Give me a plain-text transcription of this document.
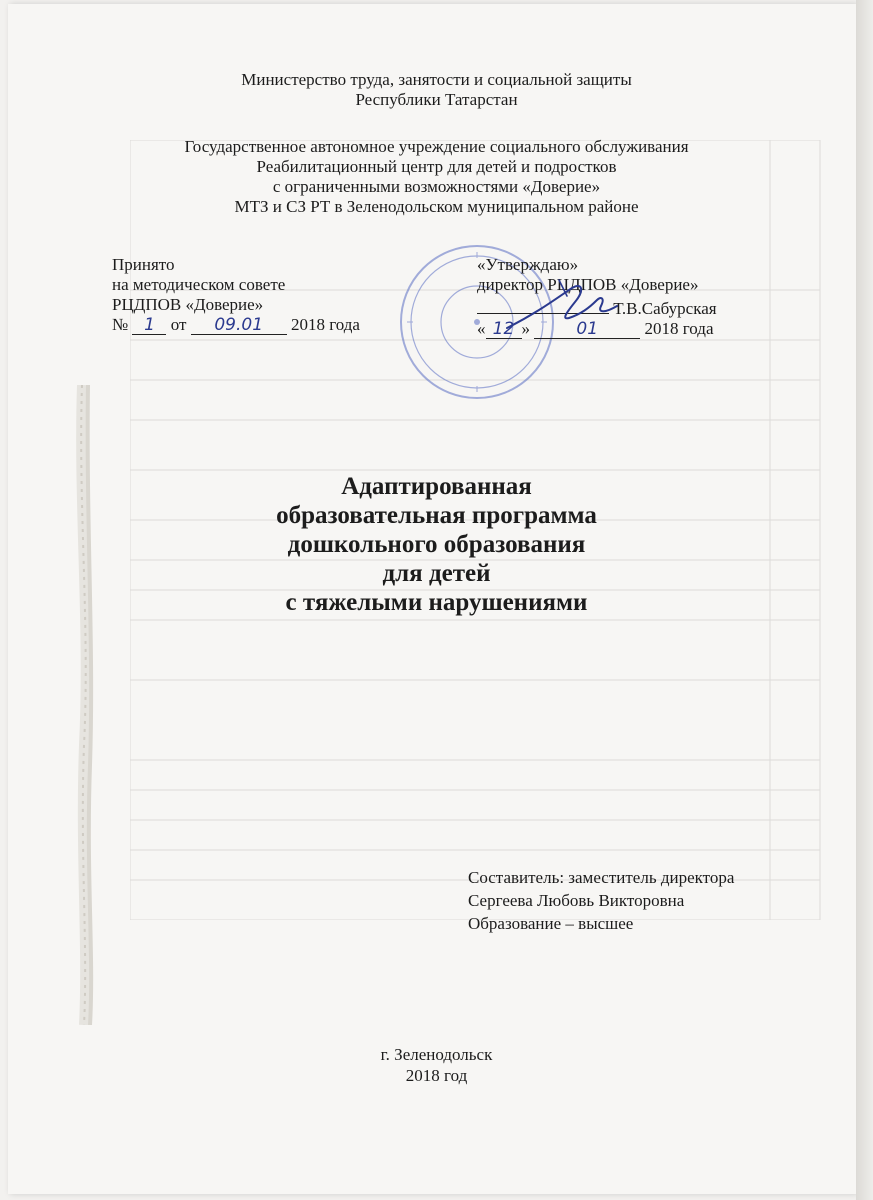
Министерство труда, занятости и социальной защиты
Республики Татарстан
Государственное автономное учреждение социального обслуживания
Реабилитационный центр для детей и подростков
с ограниченными возможностями «Доверие»
МТЗ и СЗ РТ в Зеленодольском муниципальном районе
Принято
на методическом совете
РЦДПОВ «Доверие»
№ 1 от 09.01 2018 года
«Утверждаю»
директор РЦДПОВ «Доверие»
Т.В.Сабурская
« 12 »	01	2018 года
Адаптированная
образовательная программа
дошкольного образования
для детей
с тяжелыми нарушениями
Составитель: заместитель директора
Сергеева Любовь Викторовна
Образование – высшее
г. Зеленодольск
2018 год
